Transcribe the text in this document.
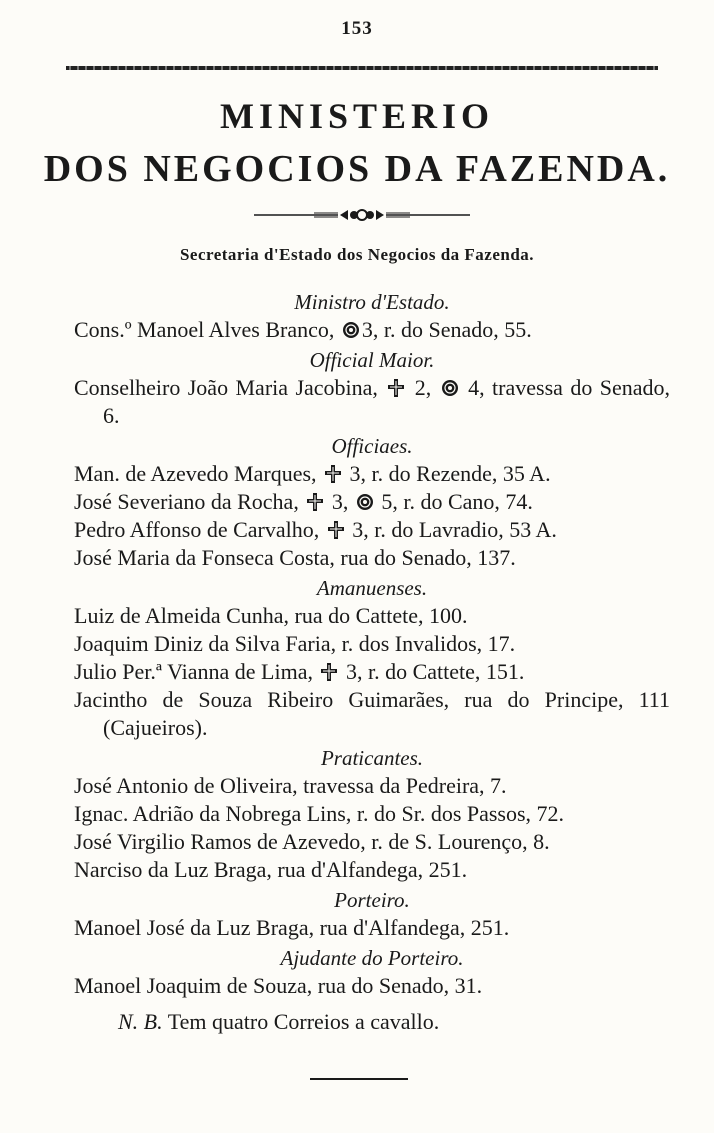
153
MINISTERIO
DOS NEGOCIOS DA FAZENDA.
Secretaria d'Estado dos Negocios da Fazenda.
Ministro d'Estado.
Cons.º Manoel Alves Branco, 3, r. do Senado, 55.
Official Maior.
Conselheiro João Maria Jacobina,  2,  4, travessa do Senado, 6.
Officiaes.
Man. de Azevedo Marques,  3, r. do Rezende, 35 A.
José Severiano da Rocha,  3,  5, r. do Cano, 74.
Pedro Affonso de Carvalho,  3, r. do Lavradio, 53 A.
José Maria da Fonseca Costa, rua do Senado, 137.
Amanuenses.
Luiz de Almeida Cunha, rua do Cattete, 100.
Joaquim Diniz da Silva Faria, r. dos Invalidos, 17.
Julio Per.ª Vianna de Lima,  3, r. do Cattete, 151.
Jacintho de Souza Ribeiro Guimarães, rua do Principe, 111 (Cajueiros).
Praticantes.
José Antonio de Oliveira, travessa da Pedreira, 7.
Ignac. Adrião da Nobrega Lins, r. do Sr. dos Passos, 72.
José Virgilio Ramos de Azevedo, r. de S. Lourenço, 8.
Narciso da Luz Braga, rua d'Alfandega, 251.
Porteiro.
Manoel José da Luz Braga, rua d'Alfandega, 251.
Ajudante do Porteiro.
Manoel Joaquim de Souza, rua do Senado, 31.
N. B. Tem quatro Correios a cavallo.
